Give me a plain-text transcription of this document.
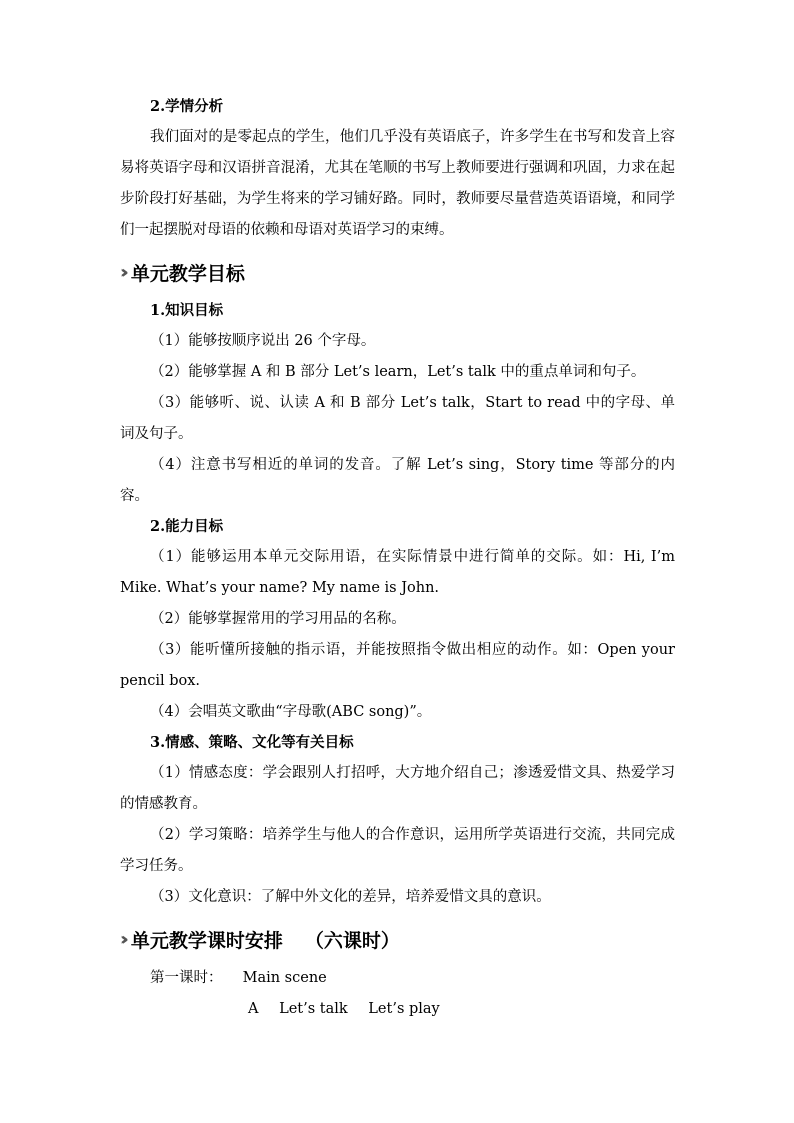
2.学情分析

我们面对的是零起点的学生，他们几乎没有英语底子，许多学生在书写和发音上容易将英语字母和汉语拼音混淆，尤其在笔顺的书写上教师要进行强调和巩固，力求在起步阶段打好基础，为学生将来的学习铺好路。同时，教师要尽量营造英语语境，和同学们一起摆脱对母语的依赖和母语对英语学习的束缚。

›› 单元教学目标
1.知识目标

（1）能够按顺序说出 26 个字母。

（2）能够掌握 A 和 B 部分 Let’s learn，Let’s talk 中的重点单词和句子。

（3）能够听、说、认读 A 和 B 部分 Let’s talk，Start to read 中的字母、单词及句子。

（4）注意书写相近的单词的发音。了解 Let’s sing，Story time 等部分的内容。

2.能力目标

（1）能够运用本单元交际用语，在实际情景中进行简单的交际。如：Hi, I’m Mike. What’s your name? My name is John.

（2）能够掌握常用的学习用品的名称。

（3）能听懂所接触的指示语，并能按照指令做出相应的动作。如：Open your pencil box.

（4）会唱英文歌曲“字母歌(ABC song)”。

3.情感、策略、文化等有关目标

（1）情感态度：学会跟别人打招呼，大方地介绍自己；渗透爱惜文具、热爱学习的情感教育。

（2）学习策略：培养学生与他人的合作意识，运用所学英语进行交流，共同完成学习任务。

（3）文化意识：了解中外文化的差异，培养爱惜文具的意识。

›› 单元教学课时安排 （六课时）
第一课时： Main scene
A Let’s talk Let’s play
